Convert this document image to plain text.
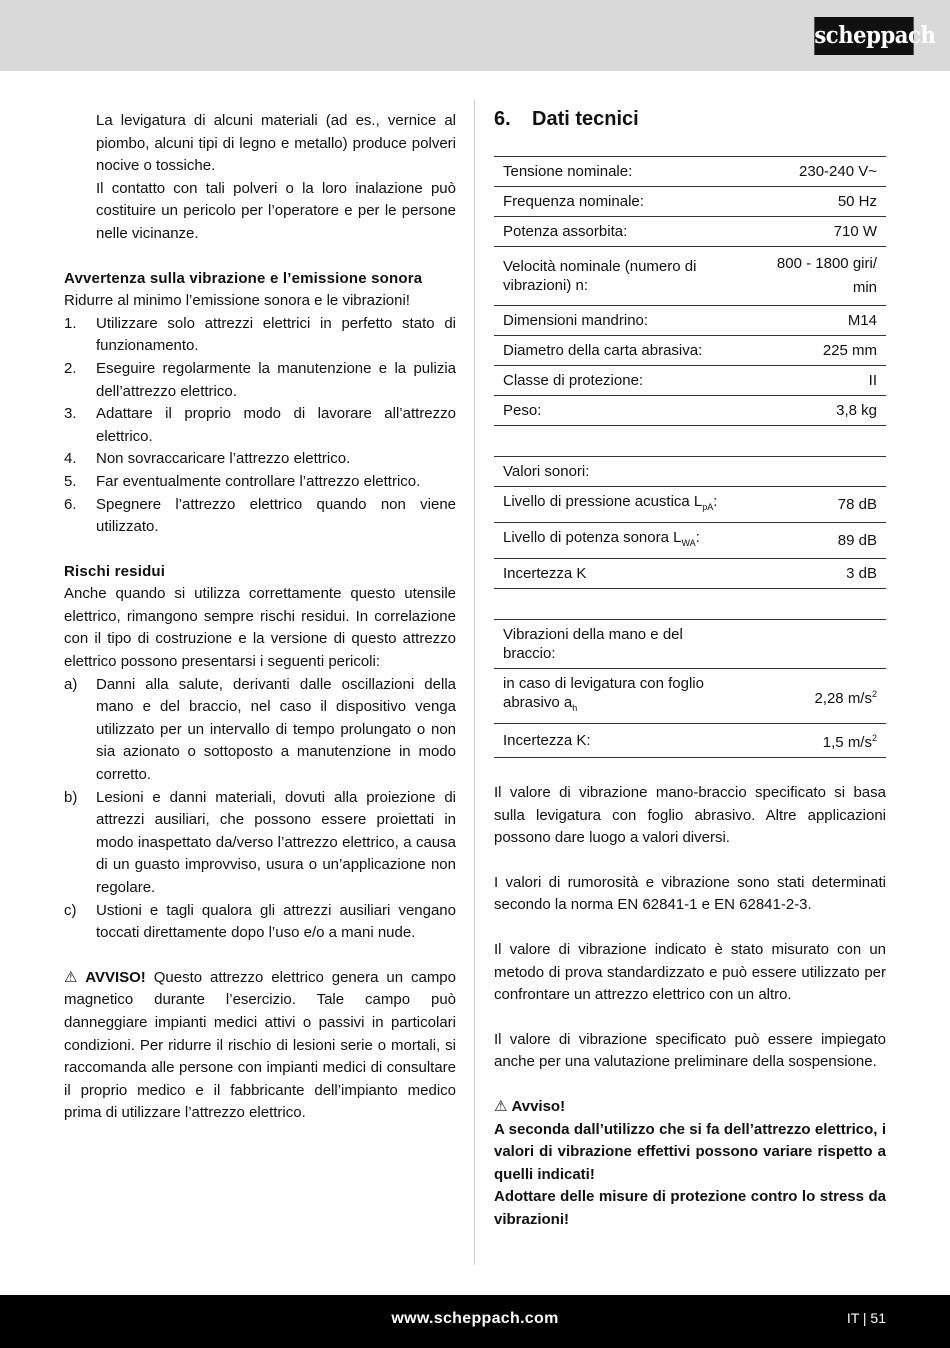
scheppach

La levigatura di alcuni materiali (ad es., vernice al piombo, alcuni tipi di legno e metallo) produce polveri nocive o tossiche.

Il contatto con tali polveri o la loro inalazione può costituire un pericolo per l’operatore e per le persone nelle vicinanze.

Avvertenza sulla vibrazione e l’emissione sonora

Ridurre al minimo l’emissione sonora e le vibrazioni!

1.	Utilizzare solo attrezzi elettrici in perfetto stato di funzionamento.
2.	Eseguire regolarmente la manutenzione e la pulizia dell’attrezzo elettrico.
3.	Adattare il proprio modo di lavorare all’attrezzo elettrico.
4.	Non sovraccaricare l’attrezzo elettrico.
5.	Far eventualmente controllare l’attrezzo elettrico.
6.	Spegnere l’attrezzo elettrico quando non viene utilizzato.

Rischi residui

Anche quando si utilizza correttamente questo utensile elettrico, rimangono sempre rischi residui. In correlazione con il tipo di costruzione e la versione di questo attrezzo elettrico possono presentarsi i seguenti pericoli:

a)	Danni alla salute, derivanti dalle oscillazioni della mano e del braccio, nel caso il dispositivo venga utilizzato per un intervallo di tempo prolungato o non sia azionato o sottoposto a manutenzione in modo corretto.
b)	Lesioni e danni materiali, dovuti alla proiezione di attrezzi ausiliari, che possono essere proiettati in modo inaspettato da/verso l’attrezzo elettrico, a causa di un guasto improvviso, usura o un’applicazione non regolare.
c)	Ustioni e tagli qualora gli attrezzi ausiliari vengano toccati direttamente dopo l’uso e/o a mani nude.

⚠ AVVISO! Questo attrezzo elettrico genera un campo magnetico durante l’esercizio. Tale campo può danneggiare impianti medici attivi o passivi in particolari condizioni. Per ridurre il rischio di lesioni serie o mortali, si raccomanda alle persone con impianti medici di consultare il proprio medico e il fabbricante dell’impianto medico prima di utilizzare l’attrezzo elettrico.

6. Dati tecnici
Tensione nominale:	230-240 V~
Frequenza nominale:	50 Hz
Potenza assorbita:	710 W
Velocità nominale (numero di vibrazioni) n:	800 - 1800 giri/ min
Dimensioni mandrino:	M14
Diametro della carta abrasiva:	225 mm
Classe di protezione:	II
Peso:	3,8 kg
Valori sonori:	
Livello di pressione acustica $L_{pA}$:	78 dB
Livello di potenza sonora $L_{WA}$:	89 dB
Incertezza K	3 dB
Vibrazioni della mano e del braccio:	
in caso di levigatura con foglio abrasivo $a_h$	2,28 $m/s^2$
Incertezza K:	1,5 $m/s^2$

Il valore di vibrazione mano-braccio specificato si basa sulla levigatura con foglio abrasivo. Altre applicazioni possono dare luogo a valori diversi.

I valori di rumorosità e vibrazione sono stati determinati secondo la norma EN 62841-1 e EN 62841-2-3.

Il valore di vibrazione indicato è stato misurato con un metodo di prova standardizzato e può essere utilizzato per confrontare un attrezzo elettrico con un altro.

Il valore di vibrazione specificato può essere impiegato anche per una valutazione preliminare della sospensione.

⚠ Avviso!

A seconda dall’utilizzo che si fa dell’attrezzo elettrico, i valori di vibrazione effettivi possono variare rispetto a quelli indicati!

Adottare delle misure di protezione contro lo stress da vibrazioni!

www.scheppach.com	IT | 51
